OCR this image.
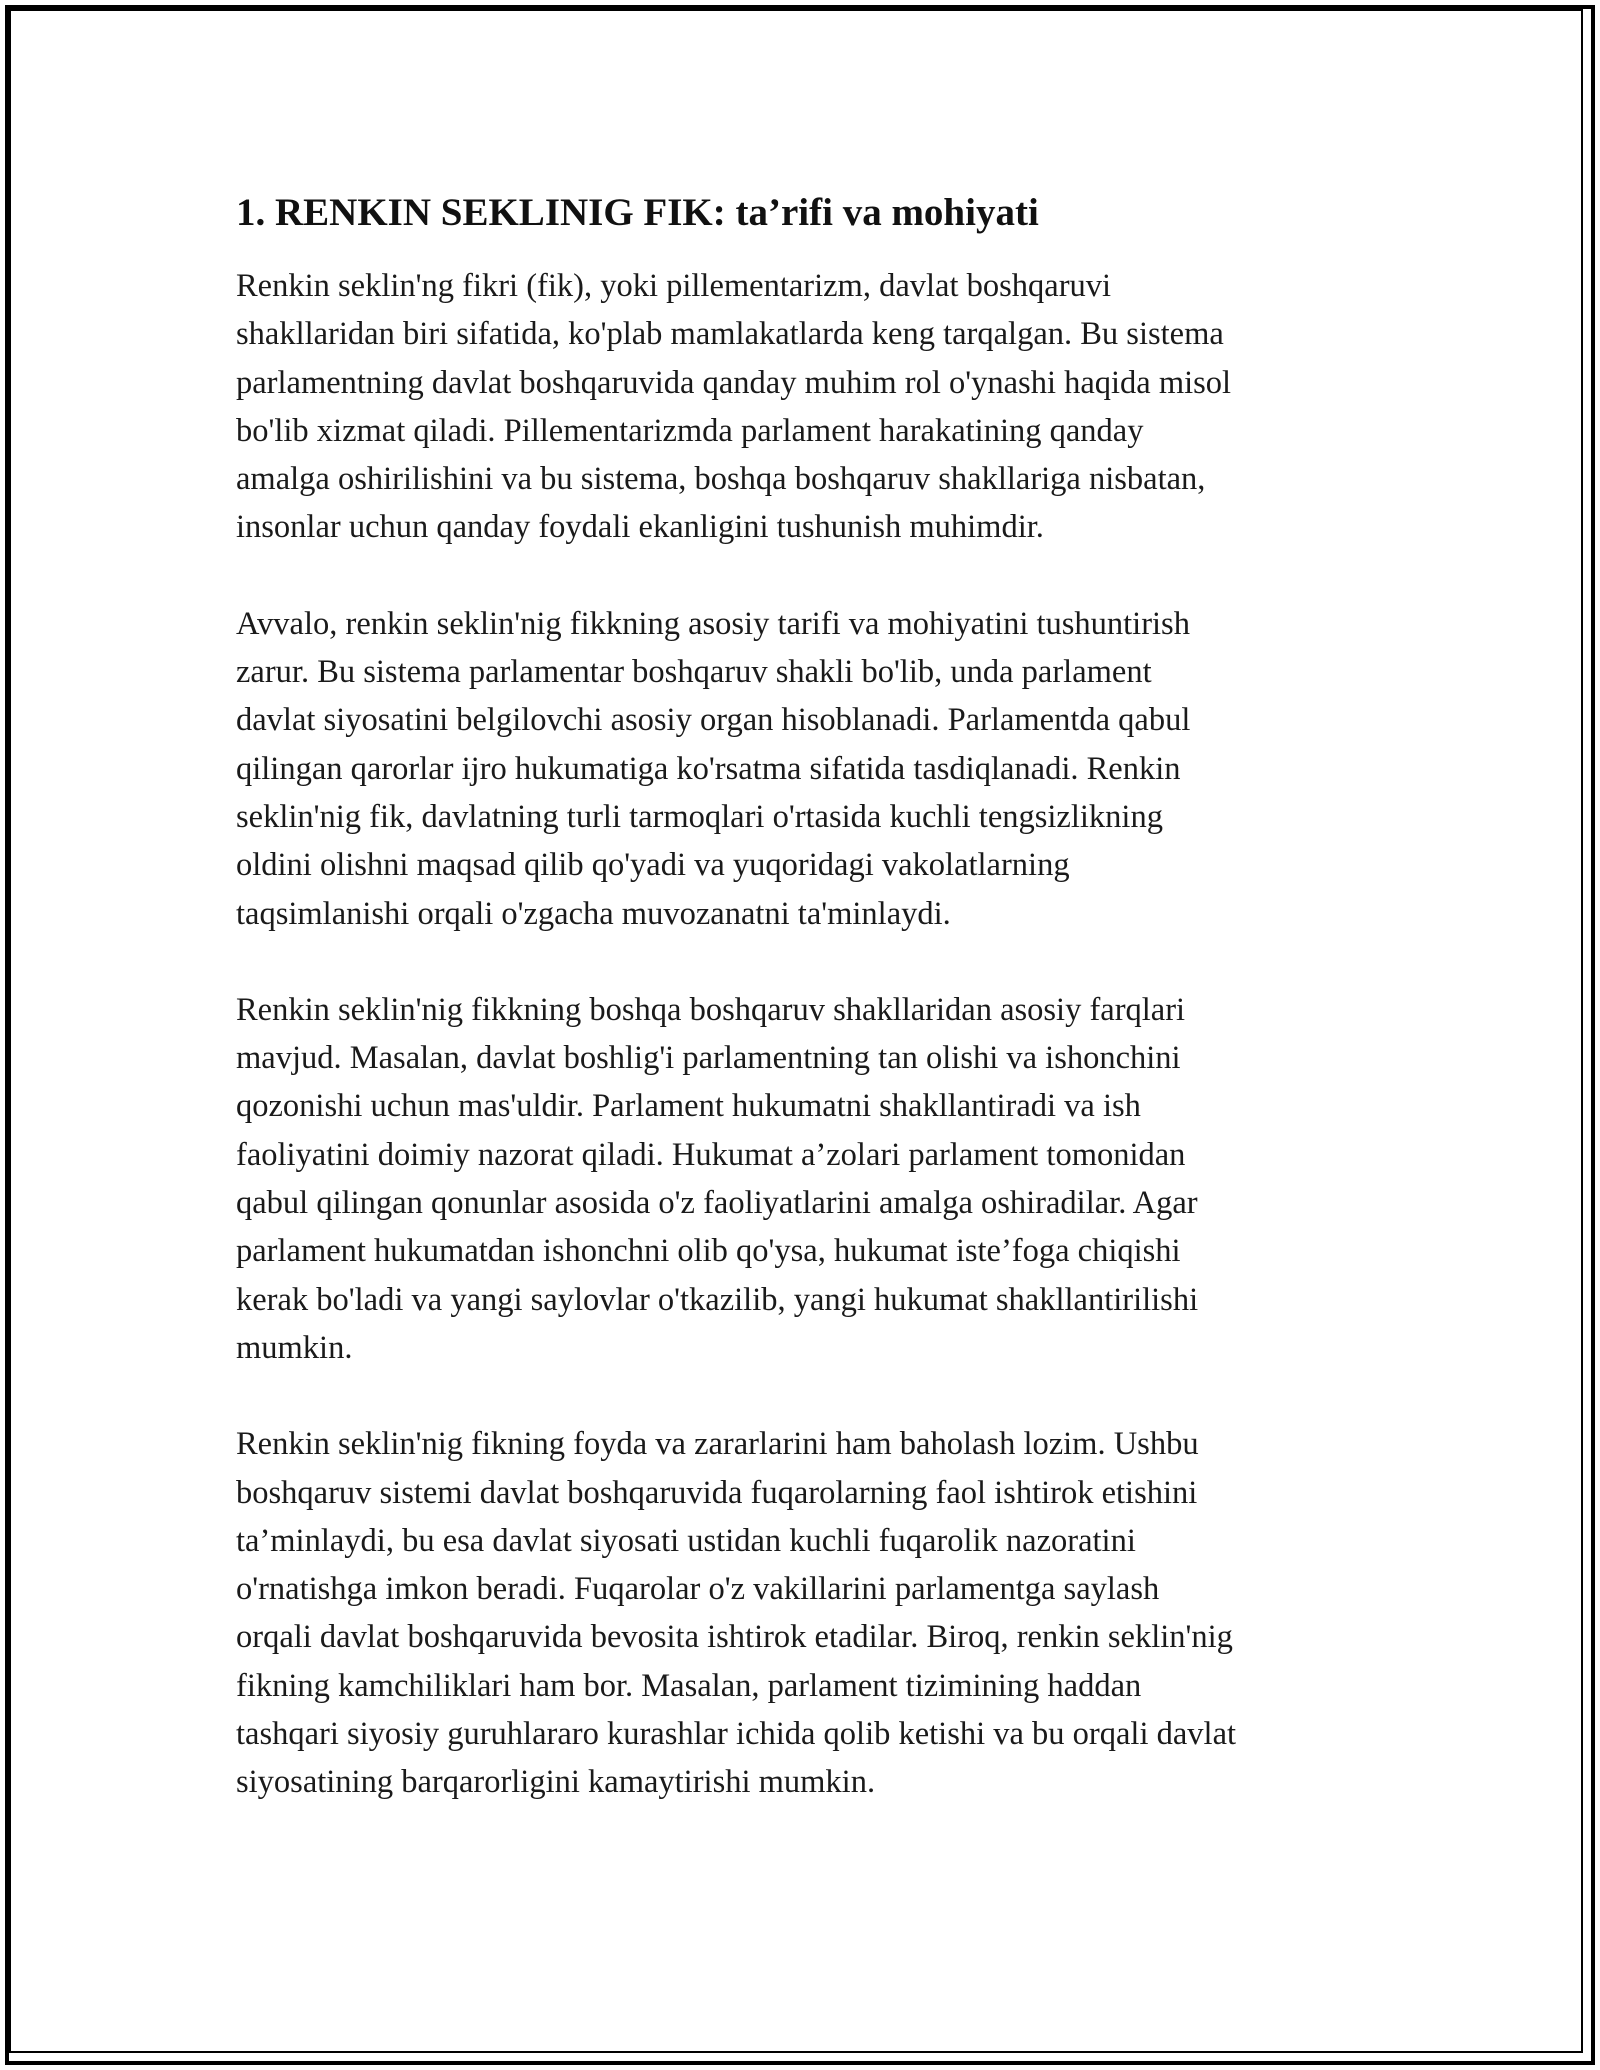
1. RENKIN SEKLINIG FIK: ta’rifi va mohiyati

Renkin seklin'ng fikri (fik), yoki pillementarizm, davlat boshqaruvi
shakllaridan biri sifatida, ko'plab mamlakatlarda keng tarqalgan. Bu sistema
parlamentning davlat boshqaruvida qanday muhim rol o'ynashi haqida misol
bo'lib xizmat qiladi. Pillementarizmda parlament harakatining qanday
amalga oshirilishini va bu sistema, boshqa boshqaruv shakllariga nisbatan,
insonlar uchun qanday foydali ekanligini tushunish muhimdir.

Avvalo, renkin seklin'nig fikkning asosiy tarifi va mohiyatini tushuntirish
zarur. Bu sistema parlamentar boshqaruv shakli bo'lib, unda parlament
davlat siyosatini belgilovchi asosiy organ hisoblanadi. Parlamentda qabul
qilingan qarorlar ijro hukumatiga ko'rsatma sifatida tasdiqlanadi. Renkin
seklin'nig fik, davlatning turli tarmoqlari o'rtasida kuchli tengsizlikning
oldini olishni maqsad qilib qo'yadi va yuqoridagi vakolatlarning
taqsimlanishi orqali o'zgacha muvozanatni ta'minlaydi.

Renkin seklin'nig fikkning boshqa boshqaruv shakllaridan asosiy farqlari
mavjud. Masalan, davlat boshlig'i parlamentning tan olishi va ishonchini
qozonishi uchun mas'uldir. Parlament hukumatni shakllantiradi va ish
faoliyatini doimiy nazorat qiladi. Hukumat a’zolari parlament tomonidan
qabul qilingan qonunlar asosida o'z faoliyatlarini amalga oshiradilar. Agar
parlament hukumatdan ishonchni olib qo'ysa, hukumat iste’foga chiqishi
kerak bo'ladi va yangi saylovlar o'tkazilib, yangi hukumat shakllantirilishi
mumkin.

Renkin seklin'nig fikning foyda va zararlarini ham baholash lozim. Ushbu
boshqaruv sistemi davlat boshqaruvida fuqarolarning faol ishtirok etishini
ta’minlaydi, bu esa davlat siyosati ustidan kuchli fuqarolik nazoratini
o'rnatishga imkon beradi. Fuqarolar o'z vakillarini parlamentga saylash
orqali davlat boshqaruvida bevosita ishtirok etadilar. Biroq, renkin seklin'nig
fikning kamchiliklari ham bor. Masalan, parlament tizimining haddan
tashqari siyosiy guruhlararo kurashlar ichida qolib ketishi va bu orqali davlat
siyosatining barqarorligini kamaytirishi mumkin.
